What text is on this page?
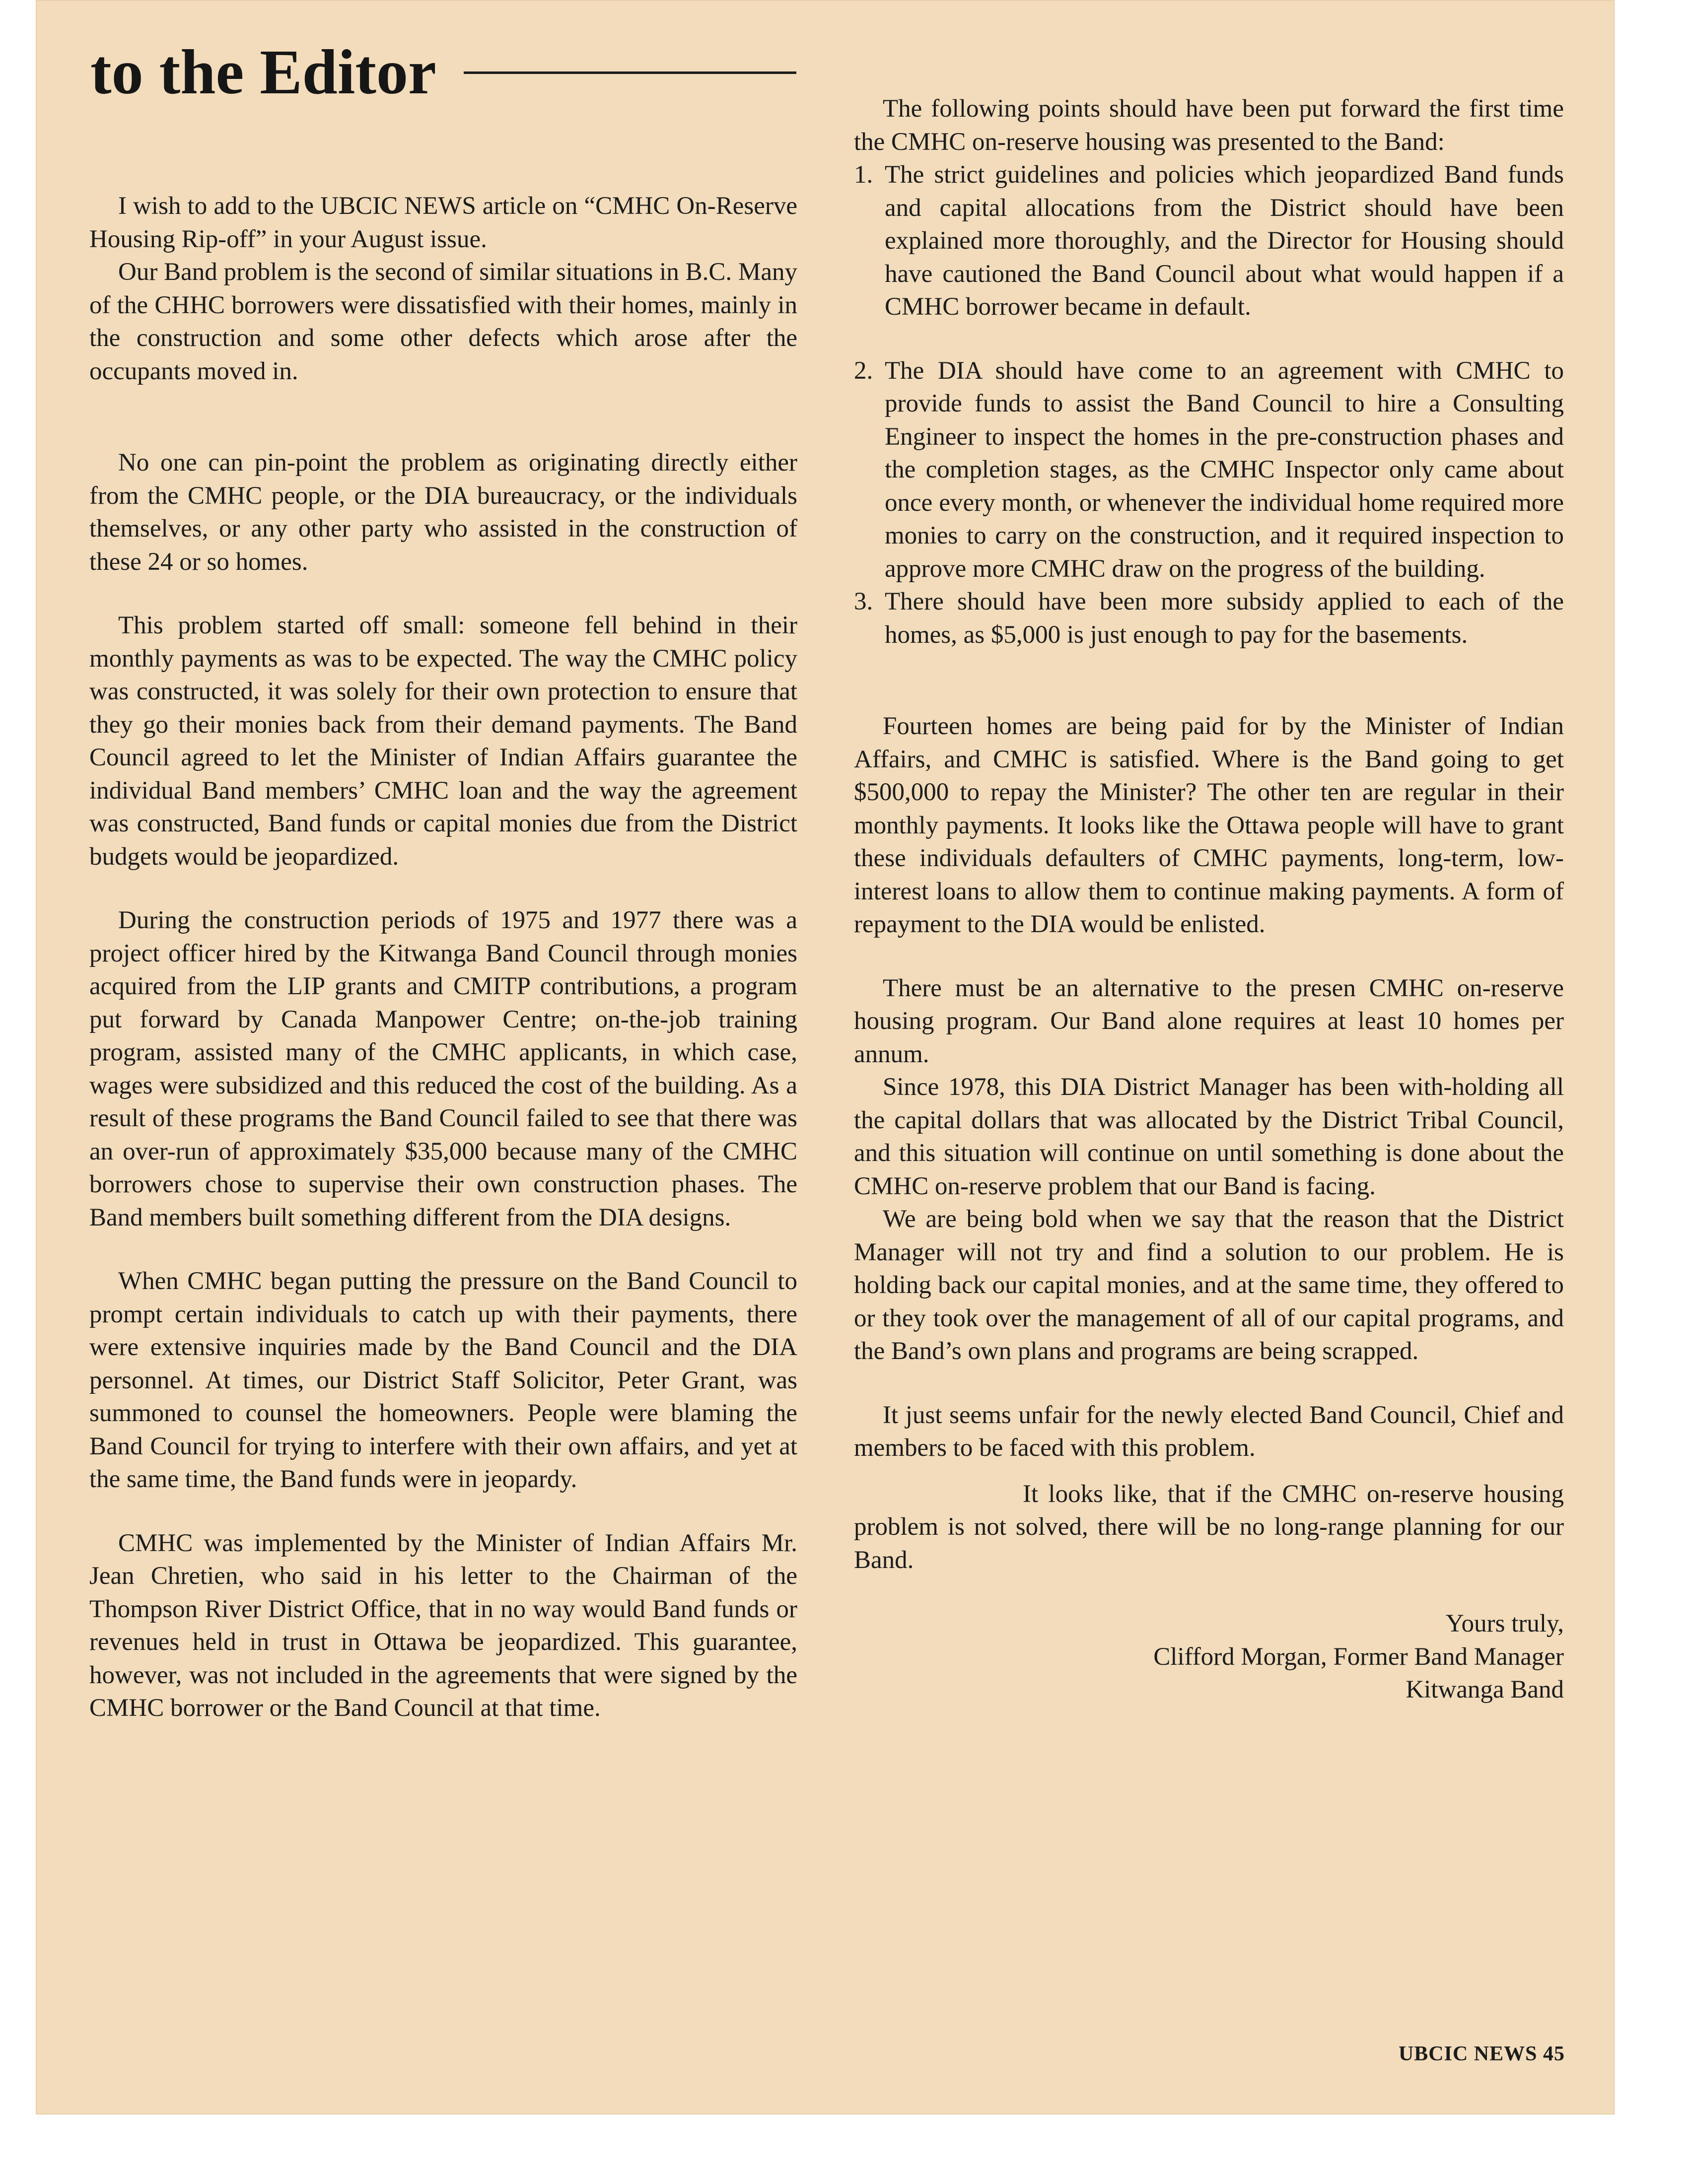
to the Editor

I wish to add to the UBCIC NEWS article on “CMHC On-Reserve Housing Rip-off” in your August issue.

Our Band problem is the second of similar situations in B.C. Many of the CHHC borrowers were dissatisfied with their homes, mainly in the construction and some other defects which arose after the occupants moved in.

No one can pin-point the problem as originating directly either from the CMHC people, or the DIA bureaucracy, or the individuals themselves, or any other party who assisted in the construction of these 24 or so homes.

This problem started off small: someone fell behind in their monthly payments as was to be expected. The way the CMHC policy was constructed, it was solely for their own protection to ensure that they go their monies back from their demand payments. The Band Council agreed to let the Minister of Indian Affairs guarantee the individual Band members’ CMHC loan and the way the agreement was constructed, Band funds or capital monies due from the District budgets would be jeopardized.

During the construction periods of 1975 and 1977 there was a project officer hired by the Kitwanga Band Council through monies acquired from the LIP grants and CMITP contributions, a program put forward by Canada Manpower Centre; on-the-job training program, assisted many of the CMHC applicants, in which case, wages were subsidized and this reduced the cost of the building. As a result of these programs the Band Council failed to see that there was an over-run of approximately $35,000 because many of the CMHC borrowers chose to supervise their own construction phases. The Band members built something different from the DIA designs.

When CMHC began putting the pressure on the Band Council to prompt certain individuals to catch up with their payments, there were extensive inquiries made by the Band Council and the DIA personnel. At times, our District Staff Solicitor, Peter Grant, was summoned to counsel the homeowners. People were blaming the Band Council for trying to interfere with their own affairs, and yet at the same time, the Band funds were in jeopardy.

CMHC was implemented by the Minister of Indian Affairs Mr. Jean Chretien, who said in his letter to the Chairman of the Thompson River District Office, that in no way would Band funds or revenues held in trust in Ottawa be jeopardized. This guarantee, however, was not included in the agreements that were signed by the CMHC borrower or the Band Council at that time.

The following points should have been put forward the first time the CMHC on-reserve housing was presented to the Band:

1. The strict guidelines and policies which jeopardized Band funds and capital allocations from the District should have been explained more thoroughly, and the Director for Housing should have cautioned the Band Council about what would happen if a CMHC borrower became in default.
2. The DIA should have come to an agreement with CMHC to provide funds to assist the Band Council to hire a Consulting Engineer to inspect the homes in the pre-construction phases and the completion stages, as the CMHC Inspector only came about once every month, or whenever the individual home required more monies to carry on the construction, and it required inspection to approve more CMHC draw on the progress of the building.
3. There should have been more subsidy applied to each of the homes, as $5,000 is just enough to pay for the basements.

Fourteen homes are being paid for by the Minister of Indian Affairs, and CMHC is satisfied. Where is the Band going to get $500,000 to repay the Minister? The other ten are regular in their monthly payments. It looks like the Ottawa people will have to grant these individuals defaulters of CMHC payments, long-term, low-interest loans to allow them to continue making payments. A form of repayment to the DIA would be enlisted.

There must be an alternative to the presen CMHC on-reserve housing program. Our Band alone requires at least 10 homes per annum.

Since 1978, this DIA District Manager has been with-holding all the capital dollars that was allocated by the District Tribal Council, and this situation will continue on until something is done about the CMHC on-reserve problem that our Band is facing.

We are being bold when we say that the reason that the District Manager will not try and find a solution to our problem. He is holding back our capital monies, and at the same time, they offered to or they took over the management of all of our capital programs, and the Band’s own plans and programs are being scrapped.

It just seems unfair for the newly elected Band Council, Chief and members to be faced with this problem.

It looks like, that if the CMHC on-reserve housing problem is not solved, there will be no long-range planning for our Band.

Yours truly,

Clifford Morgan, Former Band Manager

Kitwanga Band

UBCIC NEWS 45
